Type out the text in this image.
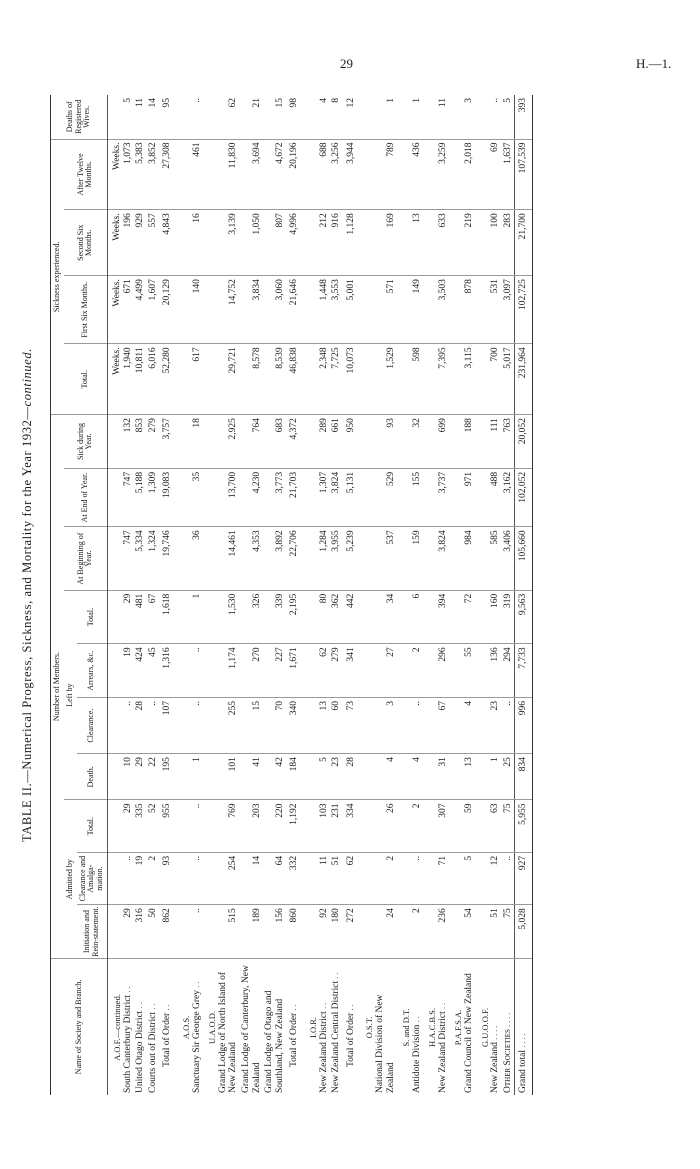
29	H.—1.
TABLE II.—Numerical Progress, Sickness, and Mortality for the Year 1932—continued.
Name of Society and Branch.	Number of Members.										Sickness experienced.				Deaths of Registered Wives.
	Admitted by			Left by				At Beginning of Year.	At End of Year.	Sick during Year.	Total.	First Six Months.	Second Six Months.	After Twelve Months.	
	Initiation and Rein-statement.	Clearance and Amalga-mation.	Total.	Death.	Clearance.	Arrears, &c.	Total.								

A.O.F.—continued. South Canterbury District . .	29	..	29	10	..	19	29	747	747	132	Weeks. 1,940	Weeks. 671	Weeks. 196	Weeks. 1,073	5
United Otago District . .	316	19	335	29	28	424	481	5,334	5,188	853	10,811	4,499	929	5,383	11
Courts out of District . .	50	2	52	22	..	45	67	1,324	1,309	279	6,016	1,607	557	3,852	14
Total of Order . .	862	93	955	195	107	1,316	1,618	19,746	19,083	3,757	52,280	20,129	4,843	27,308	95

A.O.S. Sanctuary Sir George Grey . .	..	..	..	1	..	..	1	36	35	18	617	140	16	461	..

U.A.O.D. Grand Lodge of North Island of New Zealand	515	254	769	101	255	1,174	1,530	14,461	13,700	2,925	29,721	14,752	3,139	11,830	62
Grand Lodge of Canterbury, New Zealand	189	14	203	41	15	270	326	4,353	4,230	764	8,578	3,834	1,050	3,694	21
Grand Lodge of Otago and Southland, New Zealand	156	64	220	42	70	227	339	3,892	3,773	683	8,539	3,060	807	4,672	15
Total of Order . .	860	332	1,192	184	340	1,671	2,195	22,706	21,703	4,372	46,838	21,646	4,996	20,196	98

I.O.R. New Zealand District . .	92	11	103	5	13	62	80	1,284	1,307	289	2,348	1,448	212	688	4
New Zealand Central District . .	180	51	231	23	60	279	362	3,955	3,824	661	7,725	3,553	916	3,256	8
Total of Order . .	272	62	334	28	73	341	442	5,239	5,131	950	10,073	5,001	1,128	3,944	12

O.S.T. National Division of New Zealand	24	2	26	4	3	27	34	537	529	93	1,529	571	169	789	1

S. and D.T. Antidote Division . .	2	..	2	4	..	2	6	159	155	32	598	149	13	436	1

H.A.C.B.S. New Zealand District . .	236	71	307	31	67	296	394	3,824	3,737	699	7,395	3,503	633	3,259	11

P.A.F.S.A. Grand Council of New Zealand	54	5	59	13	4	55	72	984	971	188	3,115	878	219	2,018	3

G.U.O.O.F.
New Zealand . . . .	51	12	63	1	23	136	160	585	488	111	700	531	100	69	..
Other Societies . . . .	75	..	75	25	..	294	319	3,406	3,162	763	5,017	3,097	283	1,637	5
Grand total . . . .	5,028	927	5,955	834	996	7,733	9,563	105,660	102,052	20,052	231,964	102,725	21,700	107,539	393
